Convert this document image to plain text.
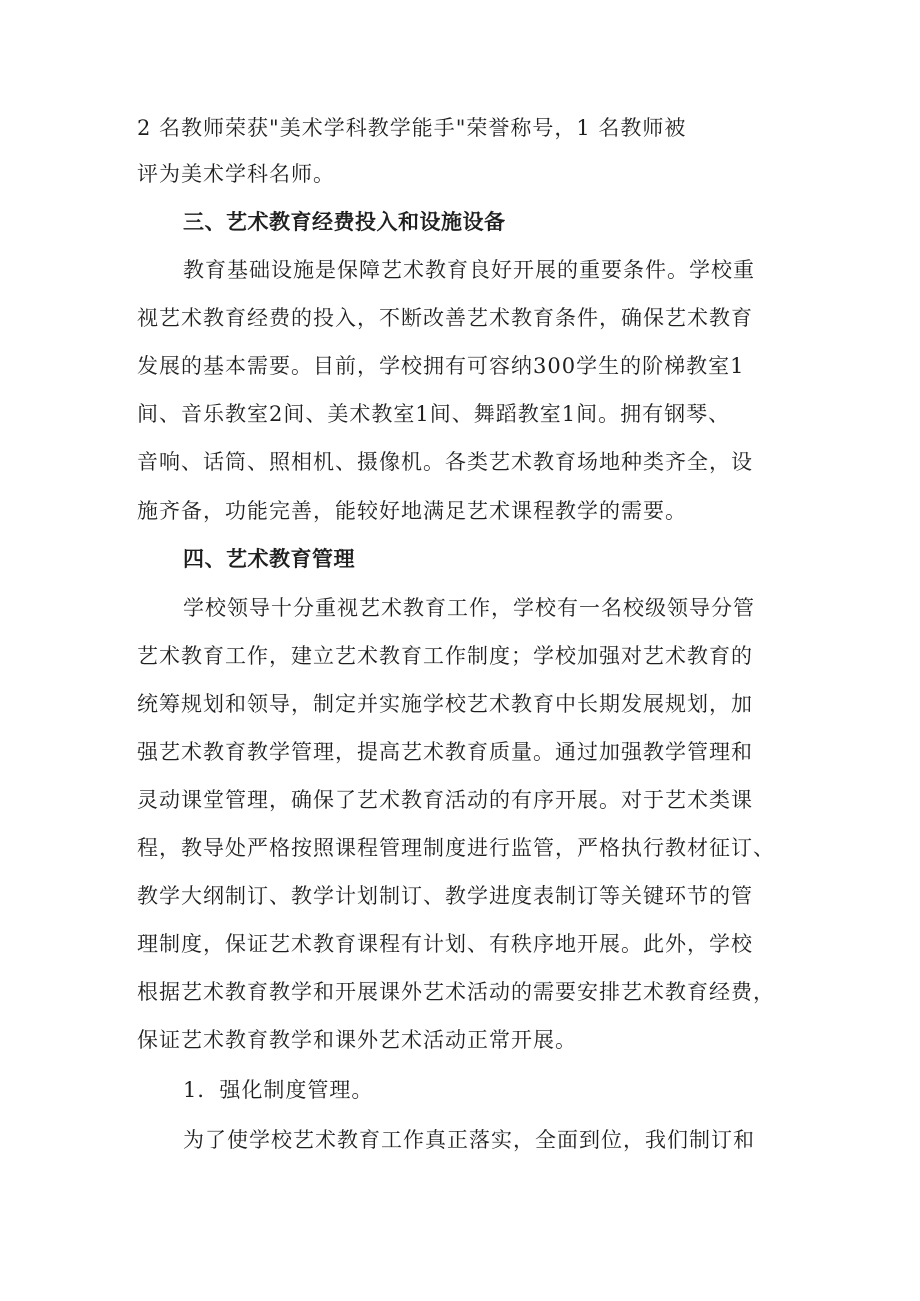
2 名教师荣获"美术学科教学能手"荣誉称号，1 名教师被
评为美术学科名师。
三、艺术教育经费投入和设施设备
教育基础设施是保障艺术教育良好开展的重要条件。学校重
视艺术教育经费的投入，不断改善艺术教育条件，确保艺术教育
发展的基本需要。目前，学校拥有可容纳300学生的阶梯教室1
间、音乐教室2间、美术教室1间、舞蹈教室1间。拥有钢琴、
音响、话筒、照相机、摄像机。各类艺术教育场地种类齐全，设
施齐备，功能完善，能较好地满足艺术课程教学的需要。
四、艺术教育管理
学校领导十分重视艺术教育工作，学校有一名校级领导分管
艺术教育工作，建立艺术教育工作制度；学校加强对艺术教育的
统筹规划和领导，制定并实施学校艺术教育中长期发展规划，加
强艺术教育教学管理，提高艺术教育质量。通过加强教学管理和
灵动课堂管理，确保了艺术教育活动的有序开展。对于艺术类课
程，教导处严格按照课程管理制度进行监管，严格执行教材征订、
教学大纲制订、教学计划制订、教学进度表制订等关键环节的管
理制度，保证艺术教育课程有计划、有秩序地开展。此外，学校
根据艺术教育教学和开展课外艺术活动的需要安排艺术教育经费，
保证艺术教育教学和课外艺术活动正常开展。
1．强化制度管理。
为了使学校艺术教育工作真正落实，全面到位，我们制订和
